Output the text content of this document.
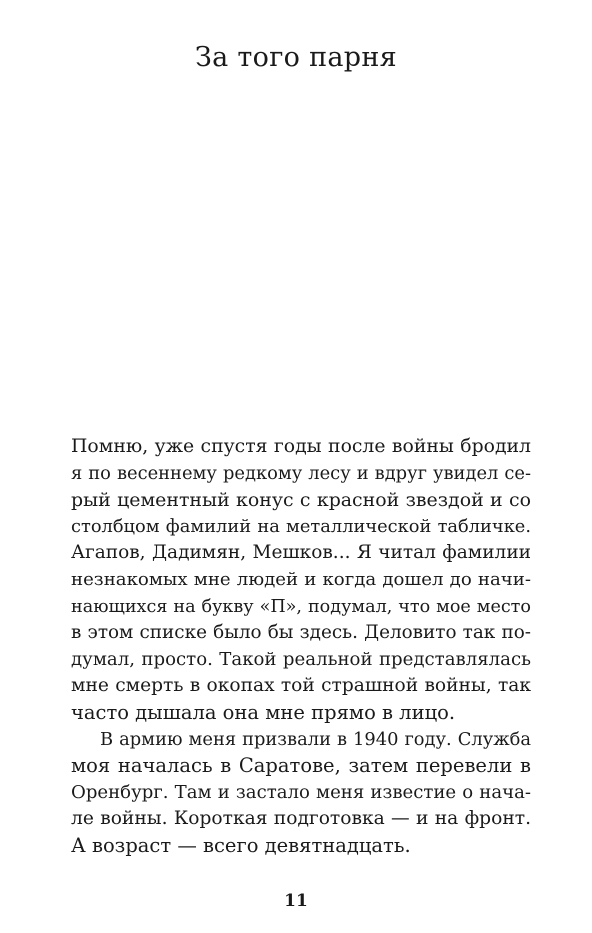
За того парня
Помню, уже спустя годы после войны бродил
я по весеннему редкому лесу и вдруг увидел се-
рый цементный конус с красной звездой и со
столбцом фамилий на металлической табличке.
Агапов, Дадимян, Мешков... Я читал фамилии
незнакомых мне людей и когда дошел до начи-
нающихся на букву «П», подумал, что мое место
в этом списке было бы здесь. Деловито так по-
думал, просто. Такой реальной представлялась
мне смерть в окопах той страшной войны, так
часто дышала она мне прямо в лицо.
В армию меня призвали в 1940 году. Служба
моя началась в Саратове, затем перевели в
Оренбург. Там и застало меня известие о нача-
ле войны. Короткая подготовка — и на фронт.
А возраст — всего девятнадцать.
11
